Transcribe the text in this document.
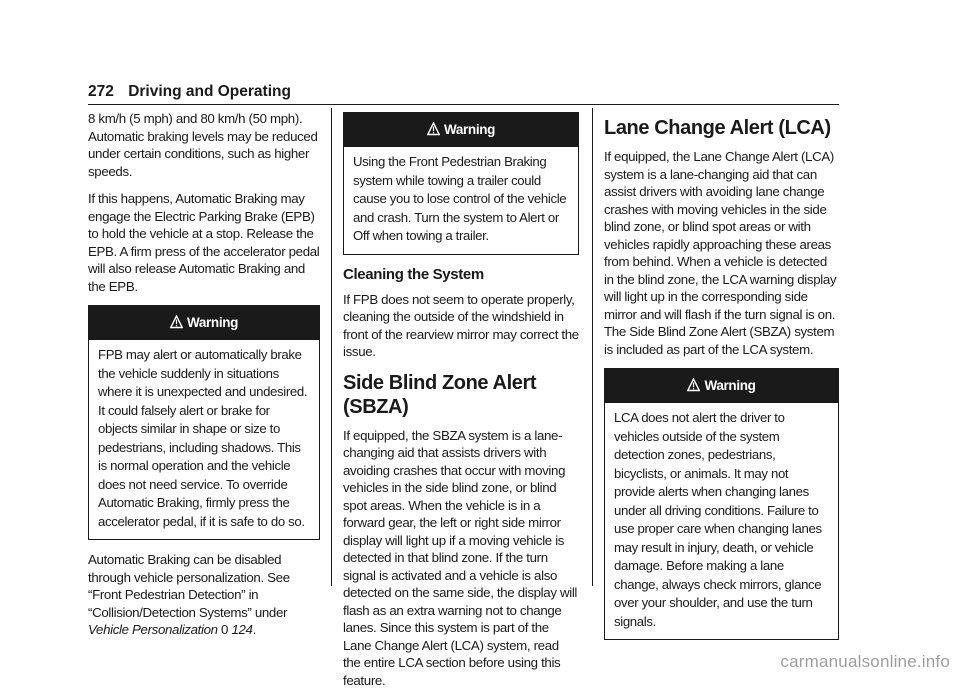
272 Driving and Operating

8 km/h (5 mph) and 80 km/h (50 mph). Automatic braking levels may be reduced under certain conditions, such as higher speeds.

If this happens, Automatic Braking may engage the Electric Parking Brake (EPB) to hold the vehicle at a stop. Release the EPB. A firm press of the accelerator pedal will also release Automatic Braking and the EPB.

Warning
FPB may alert or automatically brake the vehicle suddenly in situations where it is unexpected and undesired. It could falsely alert or brake for objects similar in shape or size to pedestrians, including shadows. This is normal operation and the vehicle does not need service. To override Automatic Braking, firmly press the accelerator pedal, if it is safe to do so.

Automatic Braking can be disabled through vehicle personalization. See “Front Pedestrian Detection” in “Collision/Detection Systems” under Vehicle Personalization 0 124.

Warning
Using the Front Pedestrian Braking system while towing a trailer could cause you to lose control of the vehicle and crash. Turn the system to Alert or Off when towing a trailer.
Cleaning the System

If FPB does not seem to operate properly, cleaning the outside of the windshield in front of the rearview mirror may correct the issue.

Side Blind Zone Alert (SBZA)

If equipped, the SBZA system is a lane-changing aid that assists drivers with avoiding crashes that occur with moving vehicles in the side blind zone, or blind spot areas. When the vehicle is in a forward gear, the left or right side mirror display will light up if a moving vehicle is detected in that blind zone. If the turn signal is activated and a vehicle is also detected on the same side, the display will flash as an extra warning not to change lanes. Since this system is part of the Lane Change Alert (LCA) system, read the entire LCA section before using this feature.

Lane Change Alert (LCA)

If equipped, the Lane Change Alert (LCA) system is a lane-changing aid that can assist drivers with avoiding lane change crashes with moving vehicles in the side blind zone, or blind spot areas or with vehicles rapidly approaching these areas from behind. When a vehicle is detected in the blind zone, the LCA warning display will light up in the corresponding side mirror and will flash if the turn signal is on. The Side Blind Zone Alert (SBZA) system is included as part of the LCA system.

Warning
LCA does not alert the driver to vehicles outside of the system detection zones, pedestrians, bicyclists, or animals. It may not provide alerts when changing lanes under all driving conditions. Failure to use proper care when changing lanes may result in injury, death, or vehicle damage. Before making a lane change, always check mirrors, glance over your shoulder, and use the turn signals.
carmanualsonline.info
